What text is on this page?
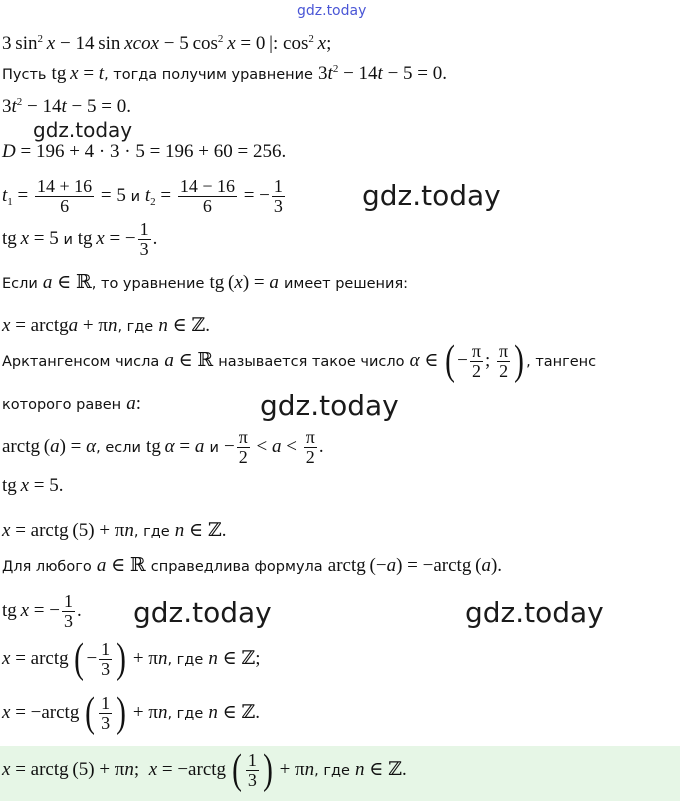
gdz.today
3 $\sin^2 x - 14$ sin xcox − 5 $\cos^2 x = 0$ |: $\cos^2 x$;
Пусть tg x = t, тогда получим уравнение $3t^2 - 14t - 5 = 0$.
$3t^2 - 14t - 5 = 0$.
gdz.today
D = 196 + 4 · 3 · 5 = 196 + 60 = 256.
$t_1 = \frac{14 + 16}{6} = 5$ и $t_2 = \frac{14 - 16}{6}$ = − $\frac{1}{3}$	gdz.today
tg x = 5 и tg x = − $\frac{1}{3}$ .
Если a ∈ ℝ, то уравнение tg (x) = a имеет решения:
x = arctga + πn, где n ∈ ℤ.
Арктангенсом числа a ∈ ℝ называется такое число α ∈ ( − $\frac{\pi}{2}$ ; $\frac{\pi}{2}$ ) , тангенс
которого равен a:	gdz.today
arctg (a) = α, если tg α = a $и - \frac{\pi}{2} < a < \frac{\pi}{2}$ .
tg x = 5.
x = arctg (5) + πn, где n ∈ ℤ.
Для любого a ∈ ℝ справедлива формула arctg (−a) = −arctg (a).
tg x = − $\frac{1}{3}$ . gdz.today	gdz.today
x = arctg ( − $\frac{1}{3}$ ) + πn, где n ∈ ℤ;
x = −arctg ( $\frac{1}{3}$ ) + πn, где n ∈ ℤ.
x = arctg (5) + πn;  x = −arctg ( $\frac{1}{3}$ ) + πn, где n ∈ ℤ.
